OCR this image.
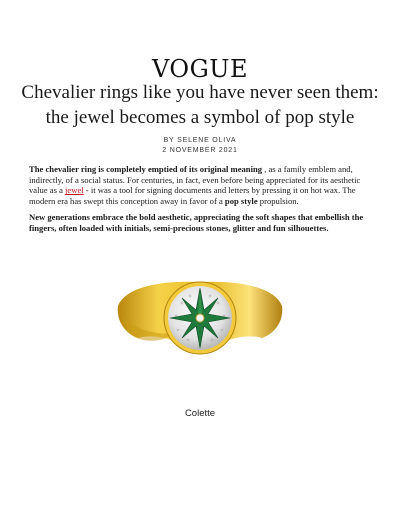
VOGUE
Chevalier rings like you have never seen them:
the jewel becomes a symbol of pop style
BY SELENE OLIVA
2 NOVEMBER 2021
The chevalier ring is completely emptied of its original meaning , as a family emblem and, indirectly, of a social status. For centuries, in fact, even before being appreciated for its aesthetic value as a jewel - it was a tool for signing documents and letters by pressing it on hot wax. The modern era has swept this conception away in favor of a pop style propulsion.
New generations embrace the bold aesthetic, appreciating the soft shapes that embellish the fingers, often loaded with initials, semi-precious stones, glitter and fun silhouettes.
Colette
